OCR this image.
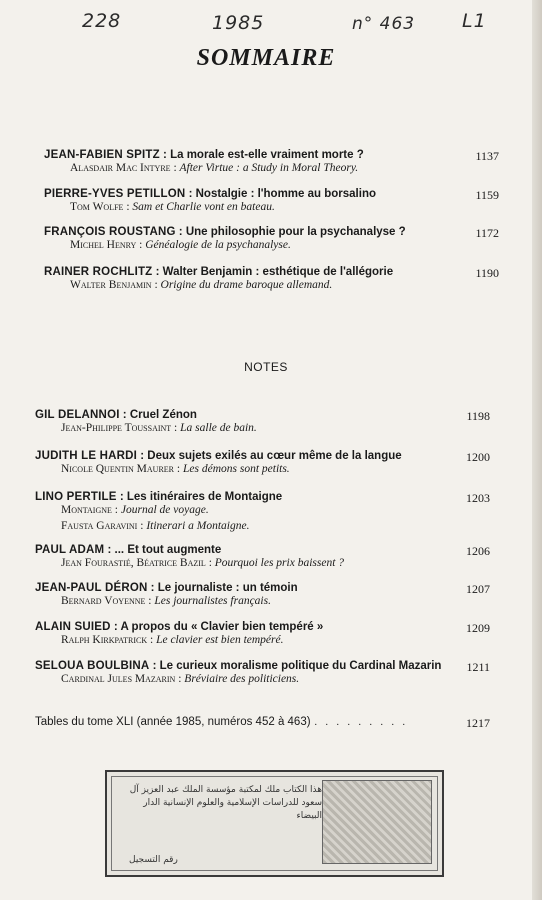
228	1985	n° 463 L1
SOMMAIRE
JEAN-FABIEN SPITZ : La morale est-elle vraiment morte ?
Alasdair Mac Intyre : After Virtue : a Study in Moral Theory.
1137
PIERRE-YVES PETILLON : Nostalgie : l'homme au borsalino
Tom Wolfe : Sam et Charlie vont en bateau.
1159
FRANÇOIS ROUSTANG : Une philosophie pour la psychanalyse ?
Michel Henry : Généalogie de la psychanalyse.
1172
RAINER ROCHLITZ : Walter Benjamin : esthétique de l'allégorie
Walter Benjamin : Origine du drame baroque allemand.
1190
NOTES
GIL DELANNOI : Cruel Zénon
Jean-Philippe Toussaint : La salle de bain.
1198
JUDITH LE HARDI : Deux sujets exilés au cœur même de la langue
Nicole Quentin Maurer : Les démons sont petits.
1200
LINO PERTILE : Les itinéraires de Montaigne
Montaigne : Journal de voyage.
Fausta Garavini : Itinerari a Montaigne.
1203
PAUL ADAM : ... Et tout augmente
Jean Fourastié, Béatrice Bazil : Pourquoi les prix baissent ?
1206
JEAN-PAUL DÉRON : Le journaliste : un témoin
Bernard Voyenne : Les journalistes français.
1207
ALAIN SUIED : A propos du « Clavier bien tempéré »
Ralph Kirkpatrick : Le clavier est bien tempéré.
1209
SELOUA BOULBINA : Le curieux moralisme politique du Cardinal Mazarin
Cardinal Jules Mazarin : Bréviaire des politiciens.
1211
Tables du tome XLI (année 1985, numéros 452 à 463) . . . . . . . . .	1217
هذا الكتاب ملك لمكتبة مؤسسة الملك عبد العزيز آل سعود للدراسات الإسلامية والعلوم الإنسانية الدار البيضاء
رقم التسجيل
